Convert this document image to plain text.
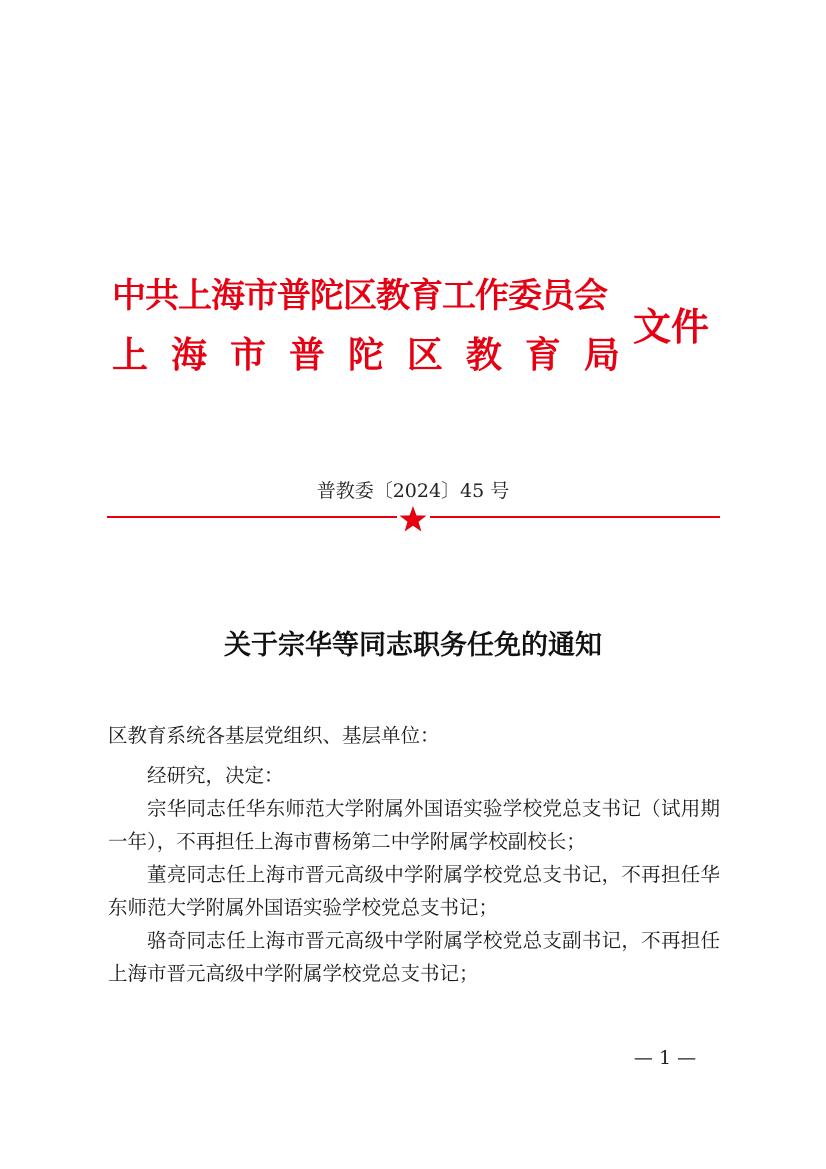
中共上海市普陀区教育工作委员会
上 海 市 普 陀 区 教 育 局
文件
普教委〔2024〕45 号
关于宗华等同志职务任免的通知

区教育系统各基层党组织、基层单位：

经研究，决定：

宗华同志任华东师范大学附属外国语实验学校党总支书记（试用期一年），不再担任上海市曹杨第二中学附属学校副校长；

董亮同志任上海市晋元高级中学附属学校党总支书记，不再担任华东师范大学附属外国语实验学校党总支书记；

骆奇同志任上海市晋元高级中学附属学校党总支副书记，不再担任上海市晋元高级中学附属学校党总支书记；

— 1 —
